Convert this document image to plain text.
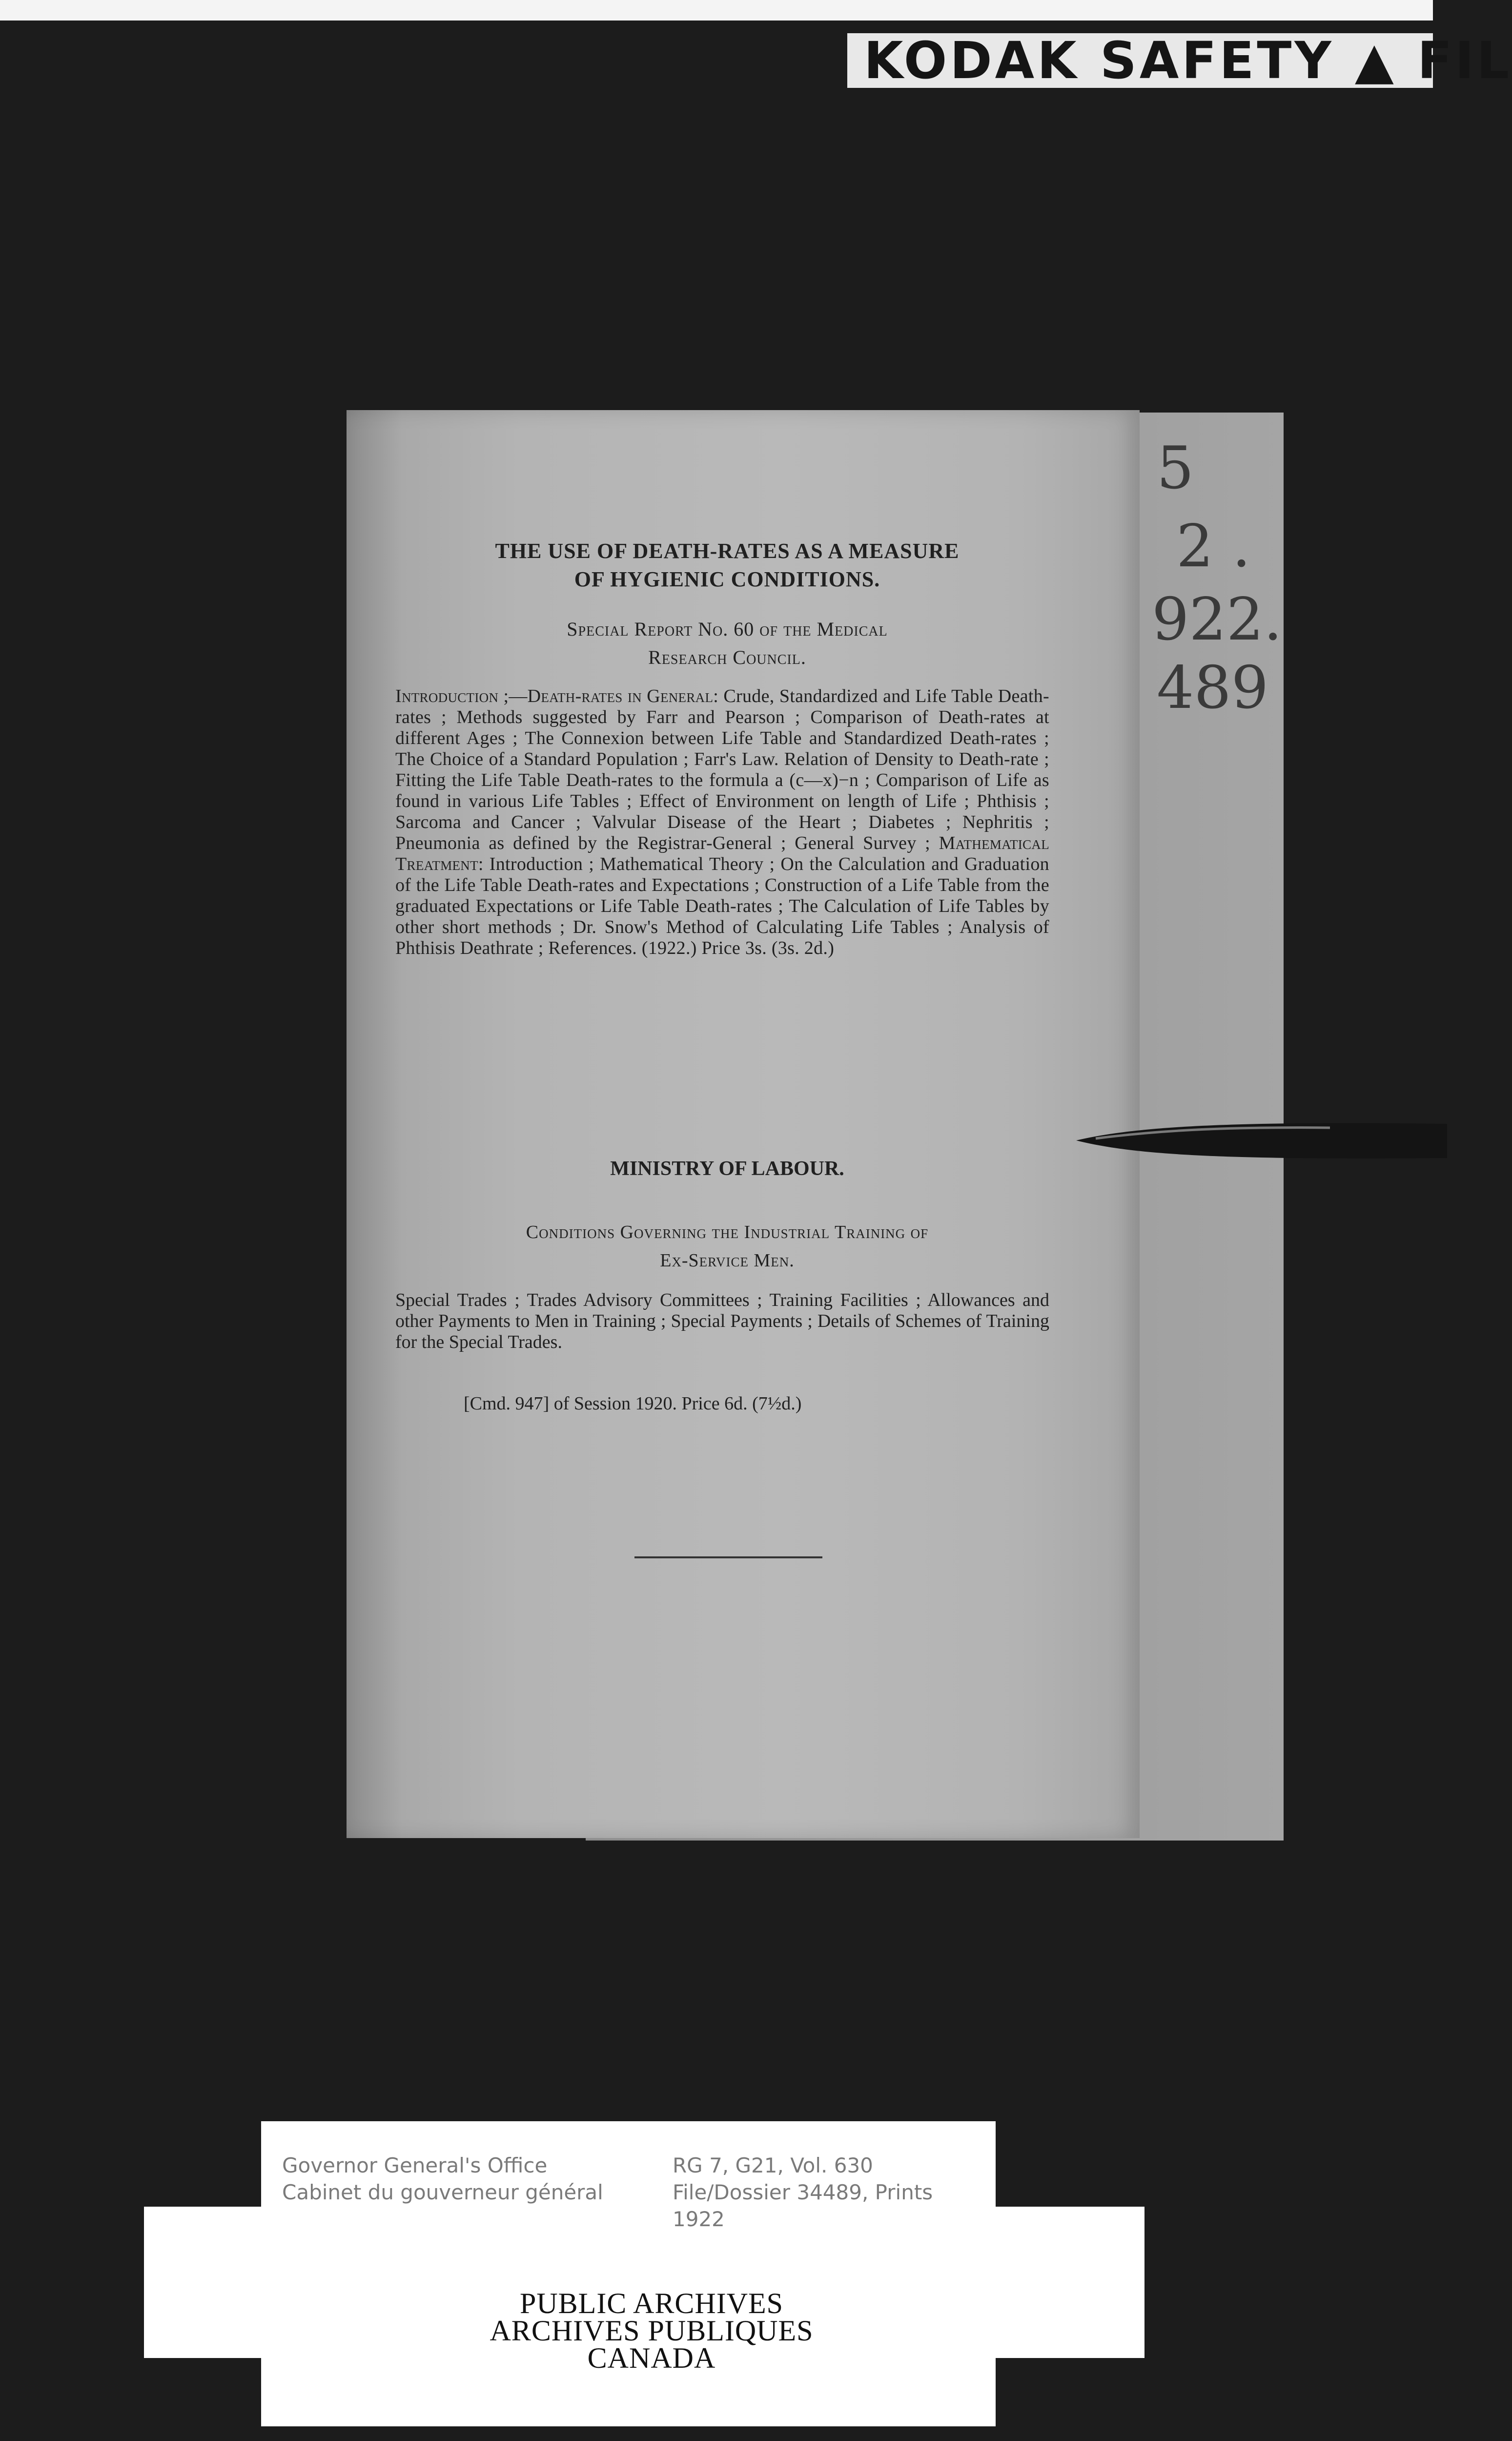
KODAK SAFETY ▲ FIL
5
2 .
922.
489
THE USE OF DEATH-RATES AS A MEASURE
OF HYGIENIC CONDITIONS.
Special Report No. 60 of the Medical
Research Council.
Introduction ;—Death-rates in General: Crude, Standardized and Life Table Death-rates ; Methods suggested by Farr and Pearson ; Comparison of Death-rates at different Ages ; The Connexion between Life Table and Standardized Death-rates ; The Choice of a Standard Population ; Farr's Law. Relation of Density to Death-rate ; Fitting the Life Table Death-rates to the formula a (c—x)−n ; Comparison of Life as found in various Life Tables ; Effect of Environment on length of Life ; Phthisis ; Sarcoma and Cancer ; Valvular Disease of the Heart ; Diabetes ; Nephritis ; Pneumonia as defined by the Registrar-General ; General Survey ; Mathematical Treatment: Introduction ; Mathematical Theory ; On the Calculation and Graduation of the Life Table Death-rates and Expectations ; Construction of a Life Table from the graduated Expectations or Life Table Death-rates ; The Calculation of Life Tables by other short methods ; Dr. Snow's Method of Calculating Life Tables ; Analysis of Phthisis Deathrate ; References. (1922.) Price 3s. (3s. 2d.)
MINISTRY OF LABOUR.
Conditions Governing the Industrial Training of
Ex-Service Men.
Special Trades ; Trades Advisory Committees ; Training Facilities ; Allowances and other Payments to Men in Training ; Special Payments ; Details of Schemes of Training for the Special Trades.
[Cmd. 947] of Session 1920. Price 6d. (7½d.)
Governor General's Office
Cabinet du gouverneur général
RG 7, G21, Vol. 630
File/Dossier 34489, Prints
1922
PUBLIC ARCHIVES
ARCHIVES PUBLIQUES
CANADA
